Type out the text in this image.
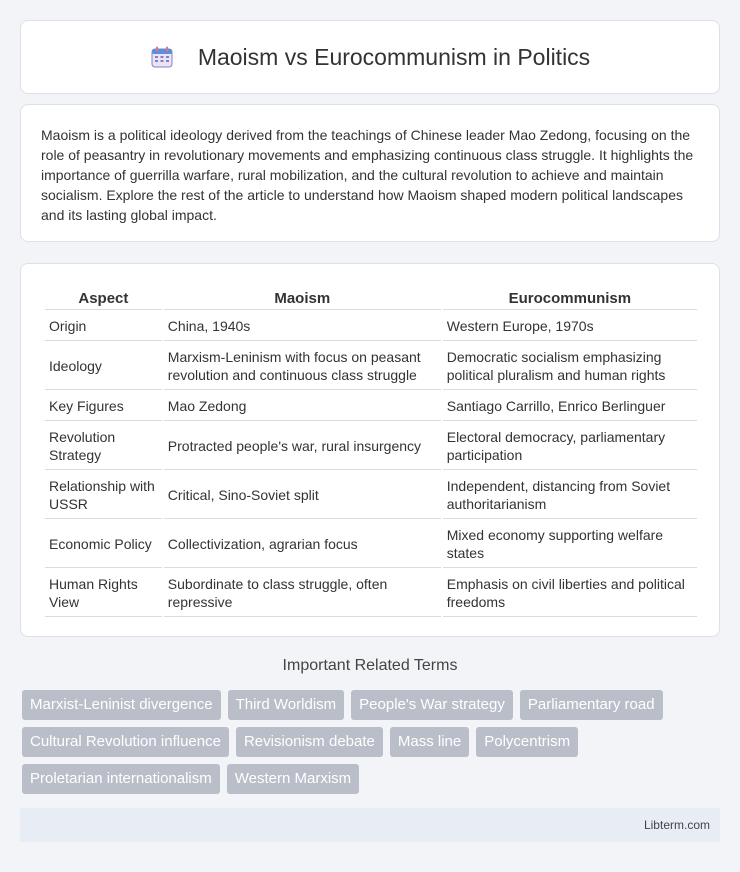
Maoism vs Eurocommunism in Politics

Maoism is a political ideology derived from the teachings of Chinese leader Mao Zedong, focusing on the role of peasantry in revolutionary movements and emphasizing continuous class struggle. It highlights the importance of guerrilla warfare, rural mobilization, and the cultural revolution to achieve and maintain socialism. Explore the rest of the article to understand how Maoism shaped modern political landscapes and its lasting global impact.

Aspect	Maoism	Eurocommunism
Origin	China, 1940s	Western Europe, 1970s
Ideology	Marxism-Leninism with focus on peasant revolution and continuous class struggle	Democratic socialism emphasizing political pluralism and human rights
Key Figures	Mao Zedong	Santiago Carrillo, Enrico Berlinguer
Revolution Strategy	Protracted people's war, rural insurgency	Electoral democracy, parliamentary participation
Relationship with USSR	Critical, Sino-Soviet split	Independent, distancing from Soviet authoritarianism
Economic Policy	Collectivization, agrarian focus	Mixed economy supporting welfare states
Human Rights View	Subordinate to class struggle, often repressive	Emphasis on civil liberties and political freedoms
Important Related Terms
Marxist-Leninist divergence	Third Worldism	People's War strategy	Parliamentary road
Cultural Revolution influence	Revisionism debate	Mass line	Polycentrism
Proletarian internationalism	Western Marxism
Libterm.com
